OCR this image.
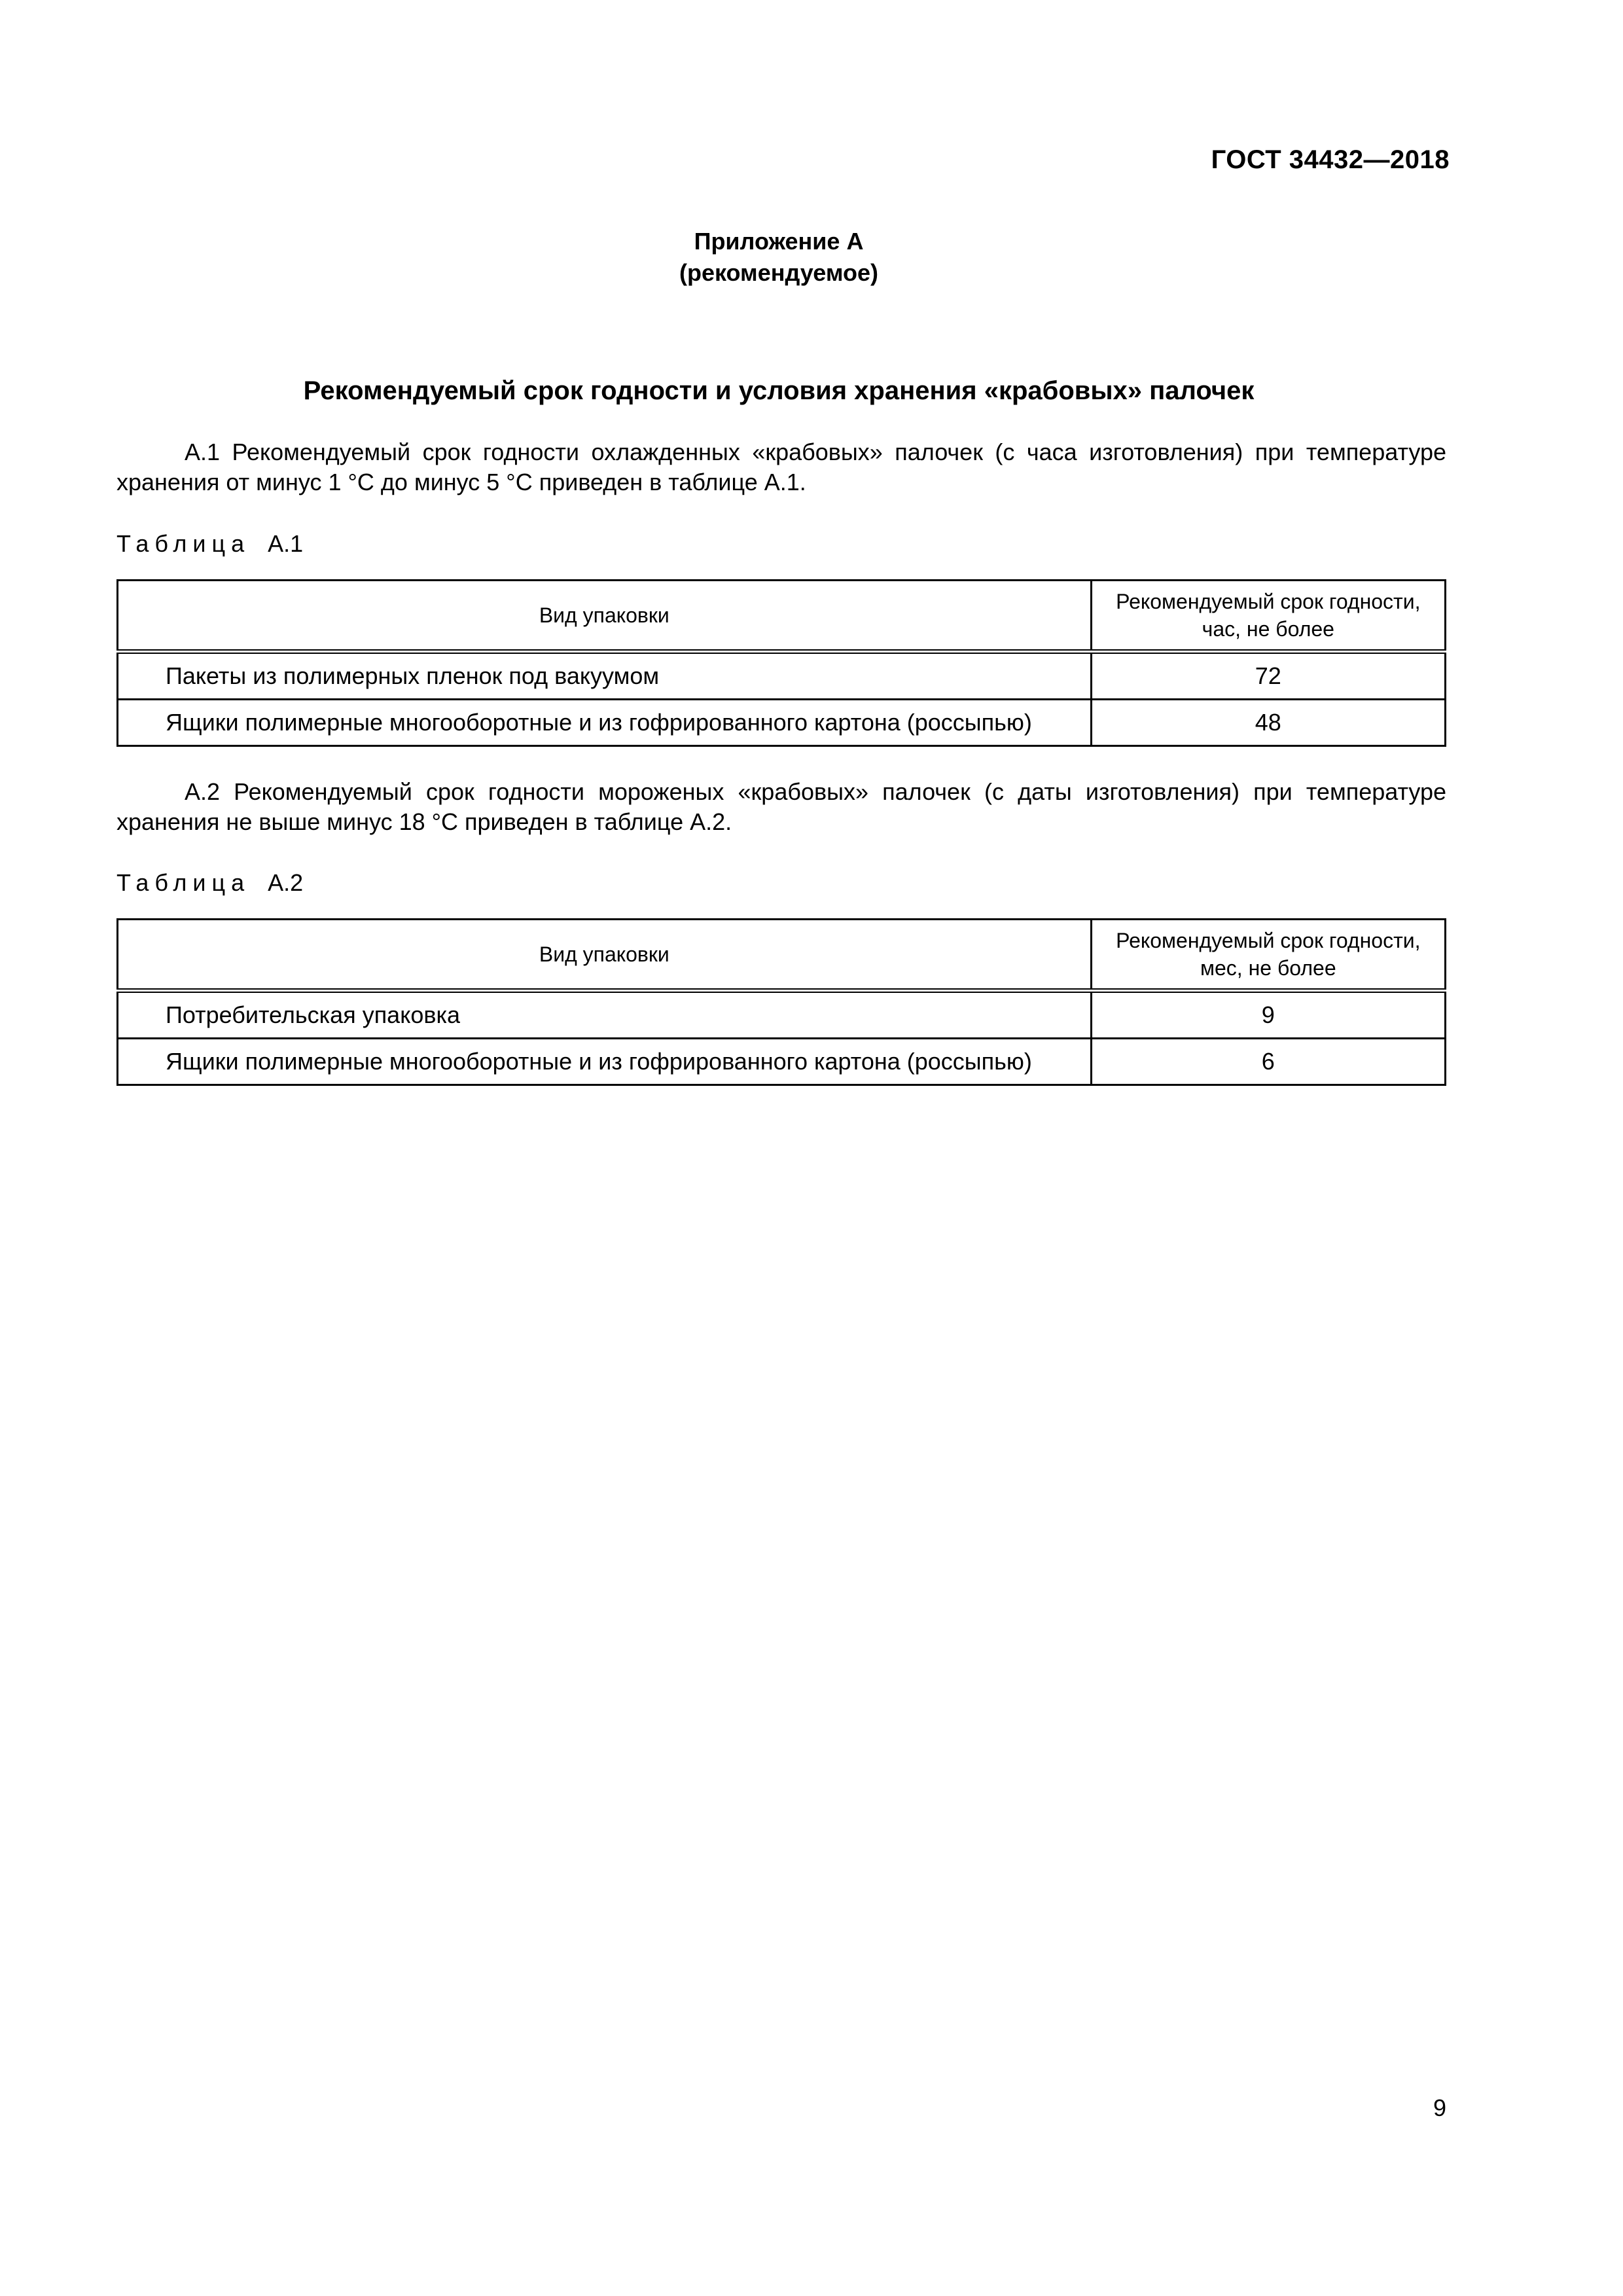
ГОСТ 34432—2018
Приложение А
(рекомендуемое)
Рекомендуемый срок годности и условия хранения «крабовых» палочек
А.1 Рекомендуемый срок годности охлажденных «крабовых» палочек (с часа изготовления) при температуре хранения от минус 1 °С до минус 5 °С приведен в таблице А.1.
Таблица А.1
Вид упаковки	Рекомендуемый срок годности,
час, не более

Пакеты из полимерных пленок под вакуумом	72
Ящики полимерные многооборотные и из гофрированного картона (россыпью)	48
А.2 Рекомендуемый срок годности мороженых «крабовых» палочек (с даты изготовления) при температуре хранения не выше минус 18 °С приведен в таблице А.2.
Таблица А.2
Вид упаковки	Рекомендуемый срок годности,
мес, не более

Потребительская упаковка	9
Ящики полимерные многооборотные и из гофрированного картона (россыпью)	6
9
